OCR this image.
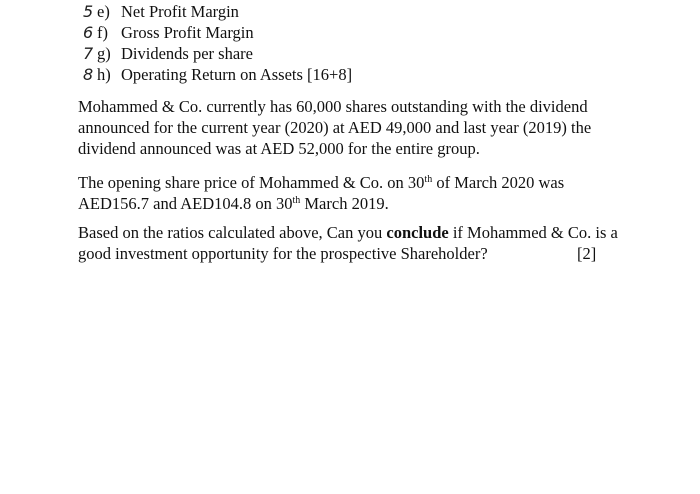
5 e) Net Profit Margin
6 f) Gross Profit Margin
7 g) Dividends per share
8 h) Operating Return on Assets [16+8]
Mohammed & Co. currently has 60,000 shares outstanding with the dividend
announced for the current year (2020) at AED 49,000 and last year (2019) the
dividend announced was at AED 52,000 for the entire group.
The opening share price of Mohammed & Co. on 30th of March 2020 was
AED156.7 and AED104.8 on 30th March 2019.
Based on the ratios calculated above, Can you conclude if Mohammed & Co. is a
good investment opportunity for the prospective Shareholder?	[2]
